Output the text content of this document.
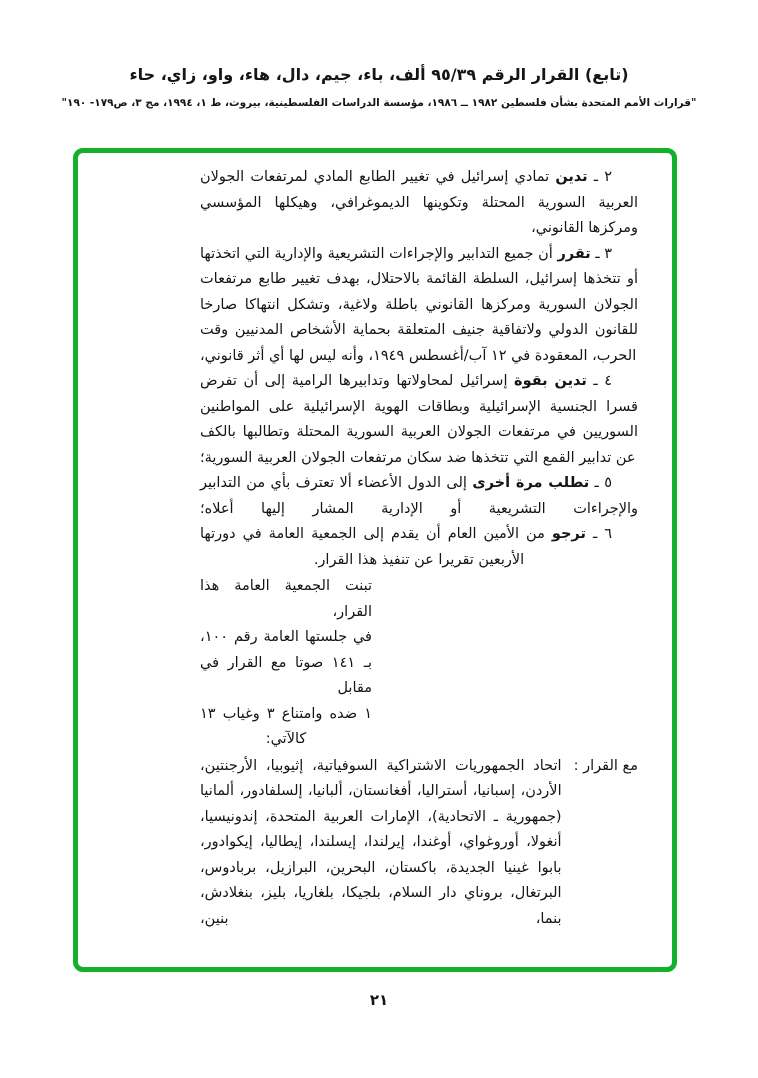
(تابع) القرار الرقم ٩٥/٣٩ ألف، باء، جيم، دال، هاء، واو، زاي، حاء
"قرارات الأمم المتحدة بشأن فلسطين ١٩٨٢ ــ ١٩٨٦، مؤسسة الدراسات الفلسطينية، بيروت، ط ١، ١٩٩٤، مج ٣، ص١٧٩- ١٩٠"

٢ ـ تدين تمادي إسرائيل في تغيير الطابع المادي لمرتفعات الجولان العربية السورية المحتلة وتكوينها الديموغرافي، وهيكلها المؤسسي ومركزها القانوني،

٣ ـ تقرر أن جميع التدابير والإجراءات التشريعية والإدارية التي اتخذتها أو تتخذها إسرائيل، السلطة القائمة بالاحتلال، بهدف تغيير طابع مرتفعات الجولان السورية ومركزها القانوني باطلة ولاغية، وتشكل انتهاكا صارخا للقانون الدولي ولاتفاقية جنيف المتعلقة بحماية الأشخاص المدنيين وقت الحرب، المعقودة في ١٢ آب/أغسطس ١٩٤٩، وأنه ليس لها أي أثر قانوني،

٤ ـ تدين بقوة إسرائيل لمحاولاتها وتدابيرها الرامية إلى أن تفرض قسرا الجنسية الإسرائيلية وبطاقات الهوية الإسرائيلية على المواطنين السوريين في مرتفعات الجولان العربية السورية المحتلة وتطالبها بالكف عن تدابير القمع التي تتخذها ضد سكان مرتفعات الجولان العربية السورية؛

٥ ـ تطلب مرة أخرى إلى الدول الأعضاء ألا تعترف بأي من التدابير والإجراءات التشريعية أو الإدارية المشار إليها أعلاه؛

٦ ـ ترجو من الأمين العام أن يقدم إلى الجمعية العامة في دورتها الأربعين تقريرا عن تنفيذ هذا القرار.

تبنت الجمعية العامة هذا القرار،
في جلستها العامة رقم ١٠٠،
بـ ١٤١ صوتا مع القرار في مقابل
١ ضده وامتناع ٣ وغياب ١٣
كالآتي:
مع القرار :
اتحاد الجمهوريات الاشتراكية السوفياتية، إثيوبيا، الأرجنتين، الأردن، إسبانيا، أستراليا، أفغانستان، ألبانيا، إلسلفادور، ألمانيا (جمهورية ـ الاتحادية)، الإمارات العربية المتحدة، إندونيسيا، أنغولا، أوروغواي، أوغندا، إيرلندا، إيسلندا، إيطاليا، إيكوادور، بابوا غينيا الجديدة، باكستان، البحرين، البرازيل، بربادوس، البرتغال، بروناي دار السلام، بلجيكا، بلغاريا، بليز، بنغلادش، بنما، بنين،
٢١
